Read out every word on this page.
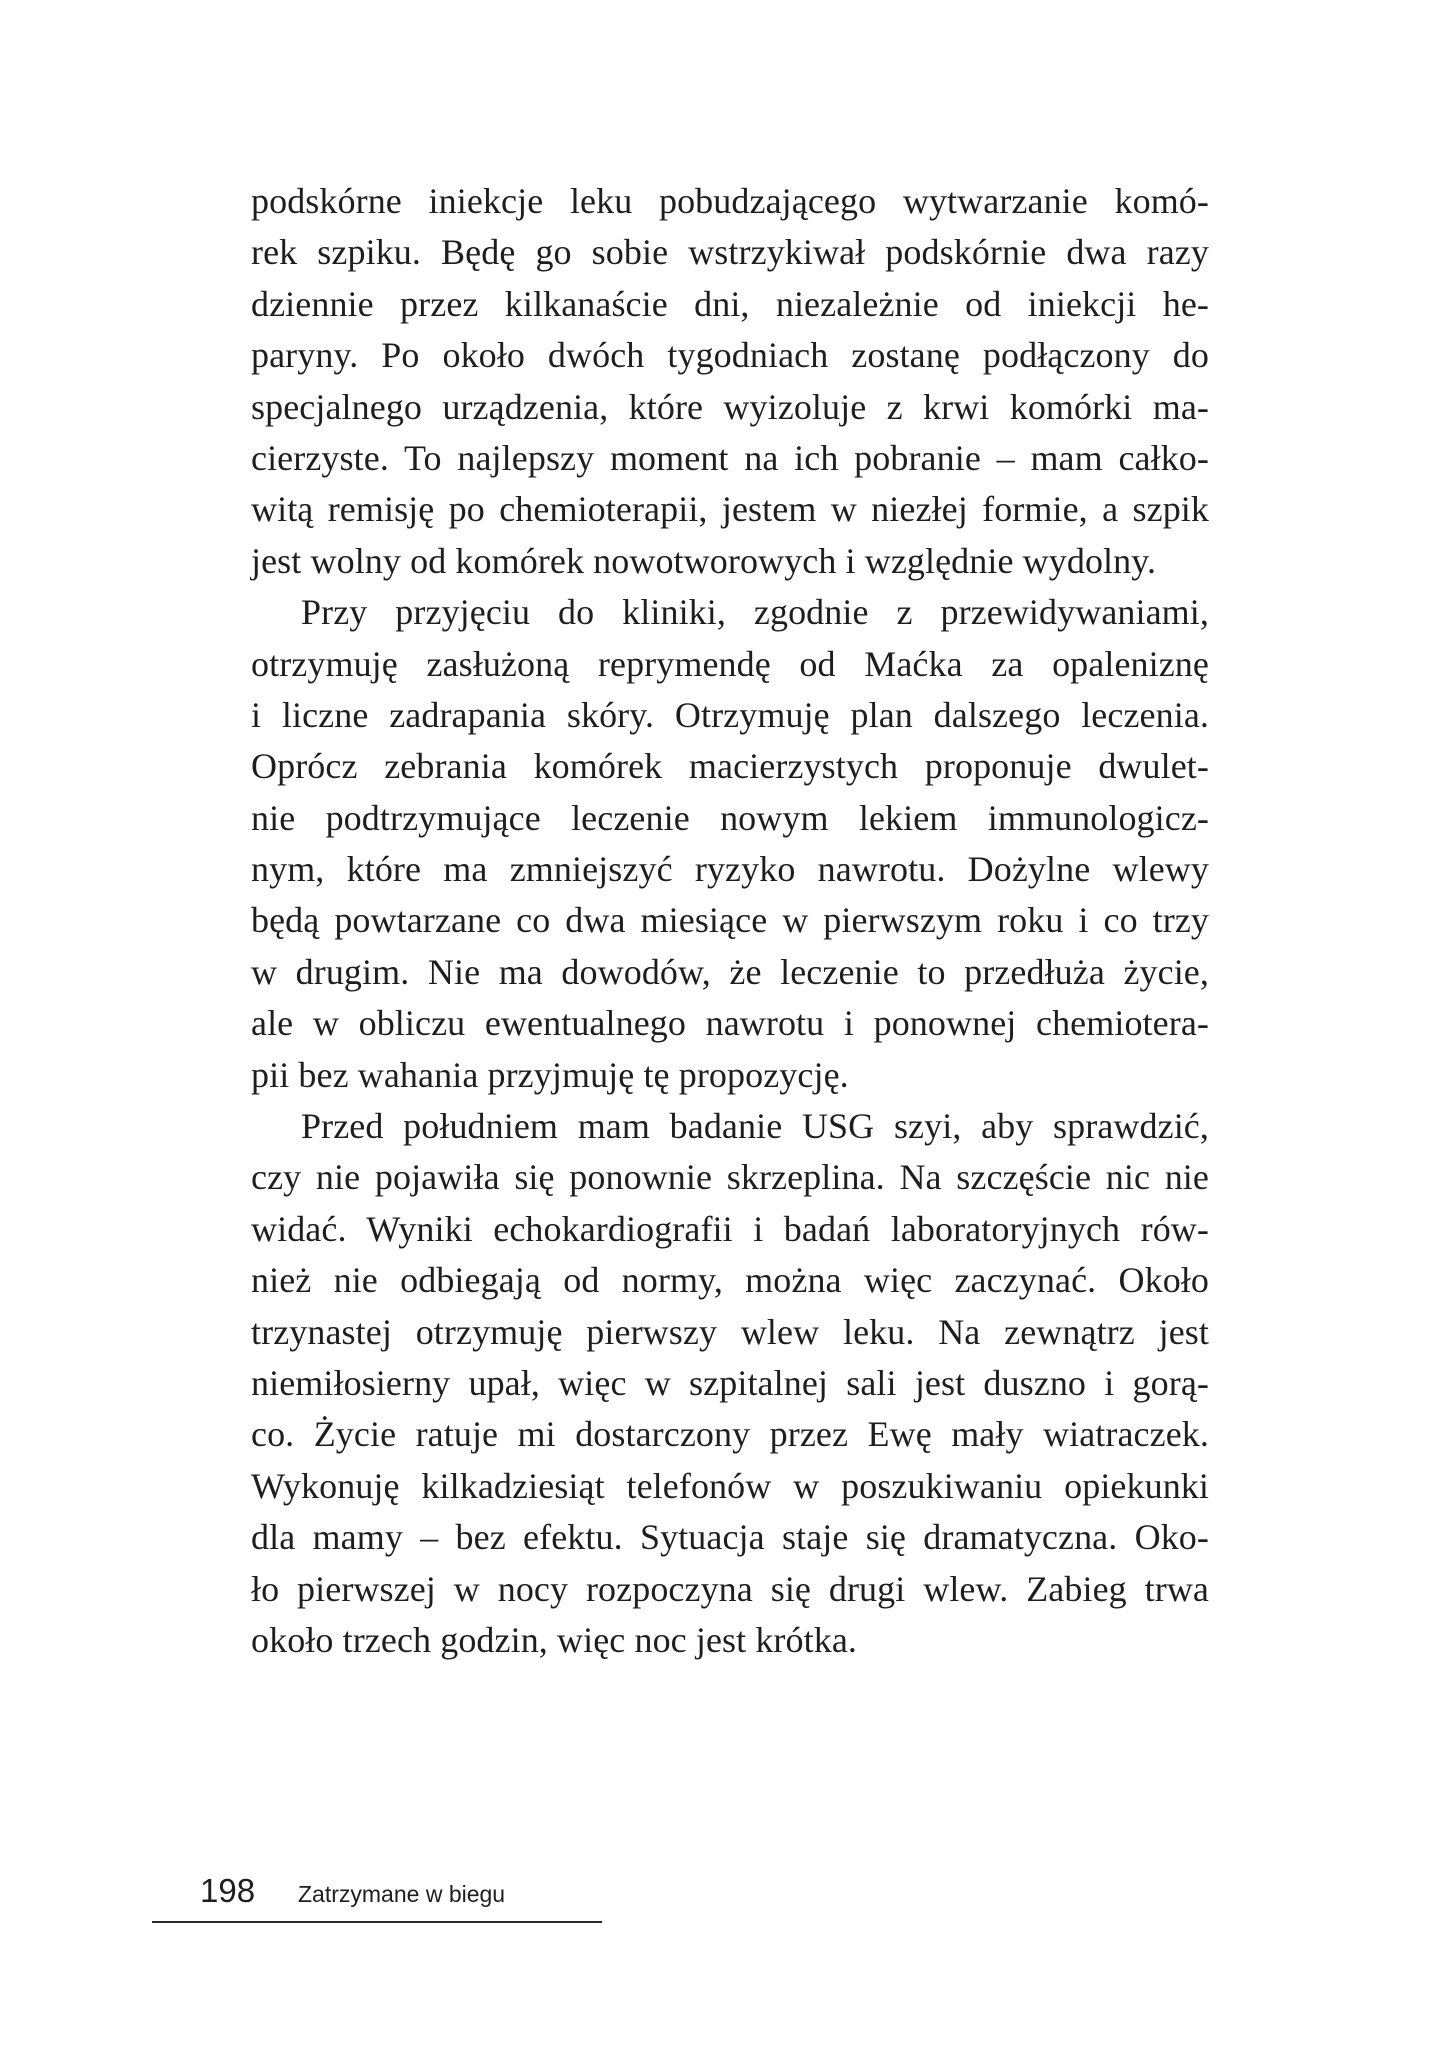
podskórne iniekcje leku pobudzającego wytwarzanie komó-
rek szpiku. Będę go sobie wstrzykiwał podskórnie dwa razy
dziennie przez kilkanaście dni, niezależnie od iniekcji he-
paryny. Po około dwóch tygodniach zostanę podłączony do
specjalnego urządzenia, które wyizoluje z krwi komórki ma-
cierzyste. To najlepszy moment na ich pobranie – mam całko-
witą remisję po chemioterapii, jestem w niezłej formie, a szpik
jest wolny od komórek nowotworowych i względnie wydolny.
Przy przyjęciu do kliniki, zgodnie z przewidywaniami,
otrzymuję zasłużoną reprymendę od Maćka za opaleniznę
i liczne zadrapania skóry. Otrzymuję plan dalszego leczenia.
Oprócz zebrania komórek macierzystych proponuje dwulet-
nie podtrzymujące leczenie nowym lekiem immunologicz-
nym, które ma zmniejszyć ryzyko nawrotu. Dożylne wlewy
będą powtarzane co dwa miesiące w pierwszym roku i co trzy
w drugim. Nie ma dowodów, że leczenie to przedłuża życie,
ale w obliczu ewentualnego nawrotu i ponownej chemiotera-
pii bez wahania przyjmuję tę propozycję.
Przed południem mam badanie USG szyi, aby sprawdzić,
czy nie pojawiła się ponownie skrzeplina. Na szczęście nic nie
widać. Wyniki echokardiografii i badań laboratoryjnych rów-
nież nie odbiegają od normy, można więc zaczynać. Około
trzynastej otrzymuję pierwszy wlew leku. Na zewnątrz jest
niemiłosierny upał, więc w szpitalnej sali jest duszno i gorą-
co. Życie ratuje mi dostarczony przez Ewę mały wiatraczek.
Wykonuję kilkadziesiąt telefonów w poszukiwaniu opiekunki
dla mamy – bez efektu. Sytuacja staje się dramatyczna. Oko-
ło pierwszej w nocy rozpoczyna się drugi wlew. Zabieg trwa
około trzech godzin, więc noc jest krótka.
198 Zatrzymane w biegu
